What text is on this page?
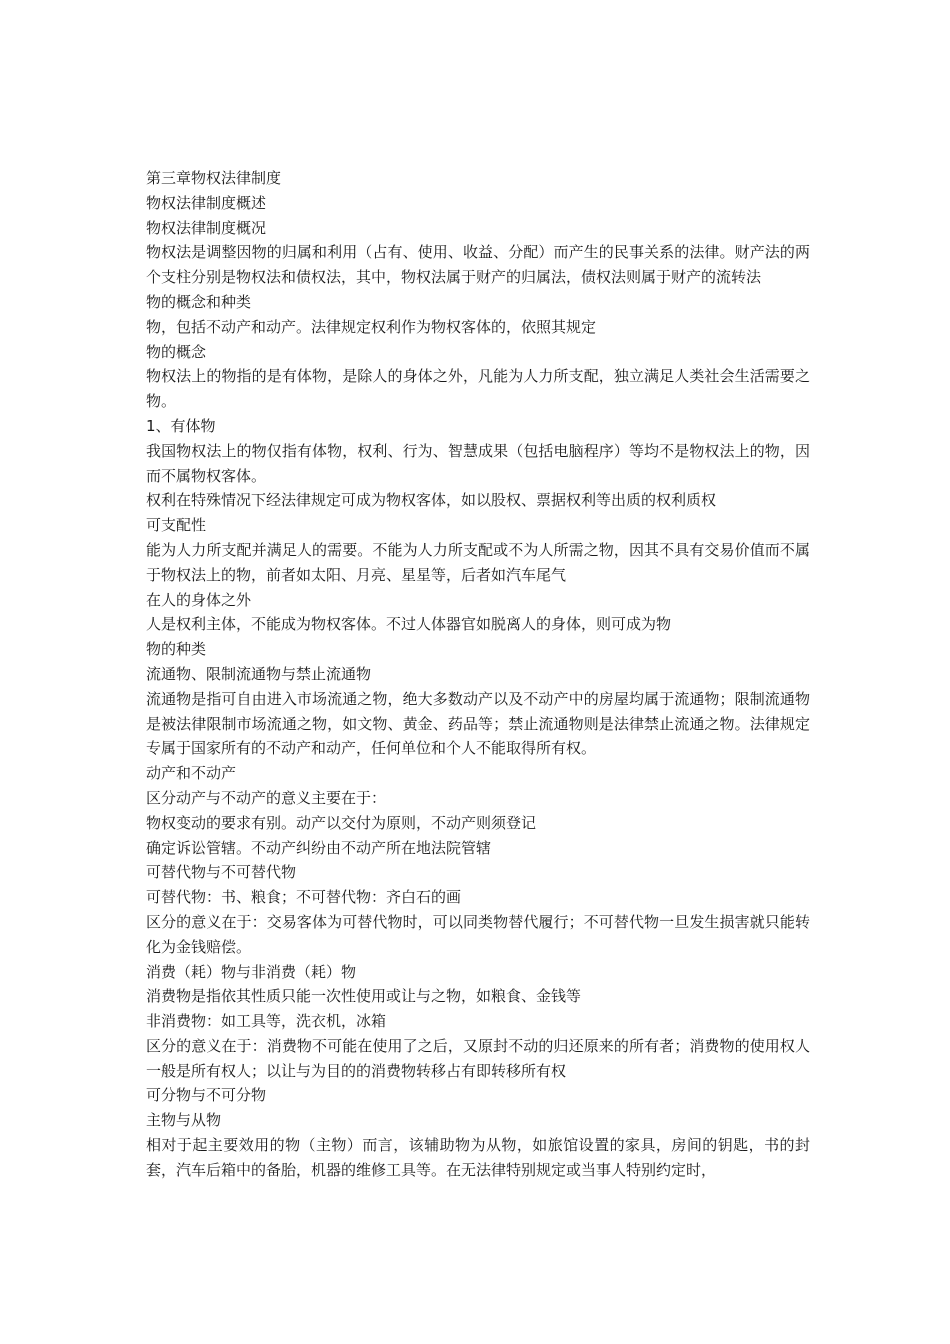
第三章物权法律制度

物权法律制度概述

物权法律制度概况

物权法是调整因物的归属和利用（占有、使用、收益、分配）而产生的民事关系的法律。财产法的两个支柱分别是物权法和债权法，其中，物权法属于财产的归属法，债权法则属于财产的流转法

物的概念和种类

物，包括不动产和动产。法律规定权利作为物权客体的，依照其规定

物的概念

物权法上的物指的是有体物，是除人的身体之外，凡能为人力所支配，独立满足人类社会生活需要之物。

1、有体物

我国物权法上的物仅指有体物，权利、行为、智慧成果（包括电脑程序）等均不是物权法上的物，因而不属物权客体。

权利在特殊情况下经法律规定可成为物权客体，如以股权、票据权利等出质的权利质权

可支配性

能为人力所支配并满足人的需要。不能为人力所支配或不为人所需之物，因其不具有交易价值而不属于物权法上的物，前者如太阳、月亮、星星等，后者如汽车尾气

在人的身体之外

人是权利主体，不能成为物权客体。不过人体器官如脱离人的身体，则可成为物

物的种类

流通物、限制流通物与禁止流通物

流通物是指可自由进入市场流通之物，绝大多数动产以及不动产中的房屋均属于流通物；限制流通物是被法律限制市场流通之物，如文物、黄金、药品等；禁止流通物则是法律禁止流通之物。法律规定专属于国家所有的不动产和动产，任何单位和个人不能取得所有权。

动产和不动产

区分动产与不动产的意义主要在于：

物权变动的要求有别。动产以交付为原则，不动产则须登记

确定诉讼管辖。不动产纠纷由不动产所在地法院管辖

可替代物与不可替代物

可替代物：书、粮食；不可替代物：齐白石的画

区分的意义在于：交易客体为可替代物时，可以同类物替代履行；不可替代物一旦发生损害就只能转化为金钱赔偿。

消费（耗）物与非消费（耗）物

消费物是指依其性质只能一次性使用或让与之物，如粮食、金钱等

非消费物：如工具等，洗衣机，冰箱

区分的意义在于：消费物不可能在使用了之后，又原封不动的归还原来的所有者；消费物的使用权人一般是所有权人；以让与为目的的消费物转移占有即转移所有权

可分物与不可分物

主物与从物

相对于起主要效用的物（主物）而言，该辅助物为从物，如旅馆设置的家具，房间的钥匙，书的封套，汽车后箱中的备胎，机器的维修工具等。在无法律特别规定或当事人特别约定时，
